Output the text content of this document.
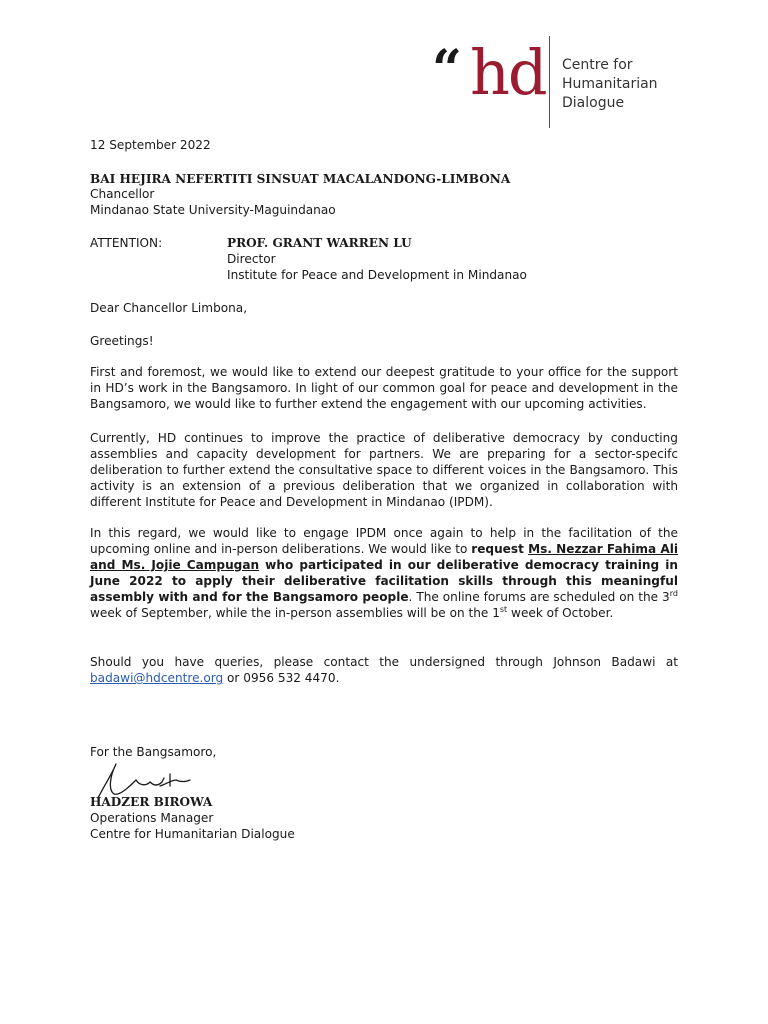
“ hd Centre for
Humanitarian
Dialogue
12 September 2022
BAI HEJIRA NEFERTITI SINSUAT MACALANDONG-LIMBONA
Chancellor
Mindanao State University-Maguindanao
ATTENTION:	PROF. GRANT WARREN LU
Director
Institute for Peace and Development in Mindanao
Dear Chancellor Limbona,
Greetings!
First and foremost, we would like to extend our deepest gratitude to your office for the support in HD’s work in the Bangsamoro. In light of our common goal for peace and development in the Bangsamoro, we would like to further extend the engagement with our upcoming activities.
Currently, HD continues to improve the practice of deliberative democracy by conducting assemblies and capacity development for partners. We are preparing for a sector-specifc deliberation to further extend the consultative space to different voices in the Bangsamoro. This activity is an extension of a previous deliberation that we organized in collaboration with different Institute for Peace and Development in Mindanao (IPDM).
In this regard, we would like to engage IPDM once again to help in the facilitation of the upcoming online and in-person deliberations. We would like to request Ms. Nezzar Fahima Ali and Ms. Jojie Campugan who participated in our deliberative democracy training in June 2022 to apply their deliberative facilitation skills through this meaningful assembly with and for the Bangsamoro people. The online forums are scheduled on the 3rd week of September, while the in-person assemblies will be on the 1st week of October.
Should you have queries, please contact the undersigned through Johnson Badawi at badawi@hdcentre.org or 0956 532 4470.
For the Bangsamoro,
HADZER BIROWA
Operations Manager
Centre for Humanitarian Dialogue
